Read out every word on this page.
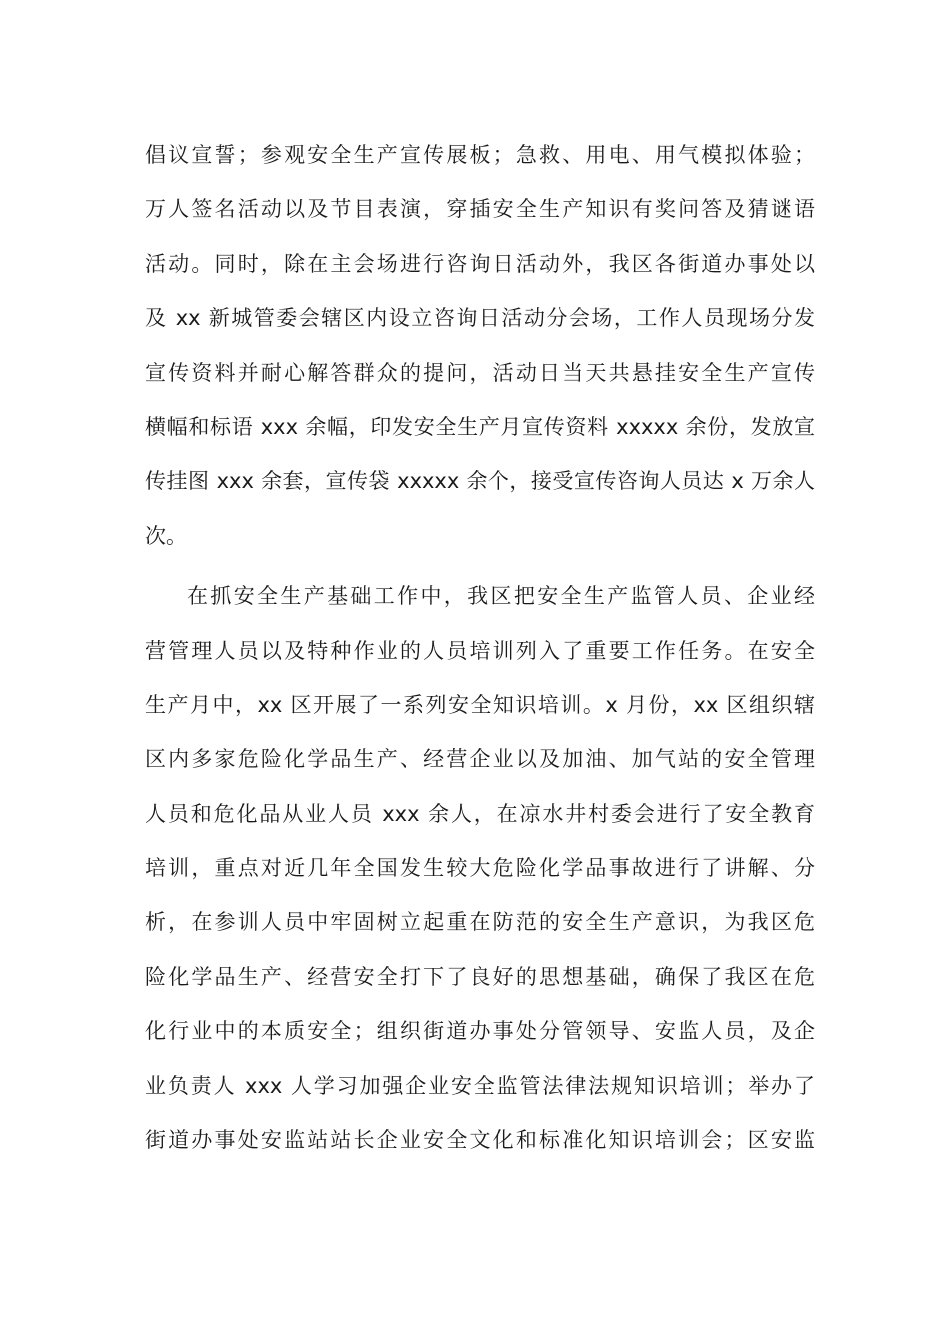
倡议宣誓；参观安全生产宣传展板；急救、用电、用气模拟体验；
万人签名活动以及节目表演，穿插安全生产知识有奖问答及猜谜语
活动。同时，除在主会场进行咨询日活动外，我区各街道办事处以
及 xx 新城管委会辖区内设立咨询日活动分会场，工作人员现场分发
宣传资料并耐心解答群众的提问，活动日当天共悬挂安全生产宣传
横幅和标语 xxx 余幅，印发安全生产月宣传资料 xxxxx 余份，发放宣
传挂图 xxx 余套，宣传袋 xxxxx 余个，接受宣传咨询人员达 x 万余人
次。
在抓安全生产基础工作中，我区把安全生产监管人员、企业经
营管理人员以及特种作业的人员培训列入了重要工作任务。在安全
生产月中，xx 区开展了一系列安全知识培训。x 月份，xx 区组织辖
区内多家危险化学品生产、经营企业以及加油、加气站的安全管理
人员和危化品从业人员 xxx 余人，在凉水井村委会进行了安全教育
培训，重点对近几年全国发生较大危险化学品事故进行了讲解、分
析，在参训人员中牢固树立起重在防范的安全生产意识，为我区危
险化学品生产、经营安全打下了良好的思想基础，确保了我区在危
化行业中的本质安全；组织街道办事处分管领导、安监人员，及企
业负责人 xxx 人学习加强企业安全监管法律法规知识培训；举办了
街道办事处安监站站长企业安全文化和标准化知识培训会；区安监
